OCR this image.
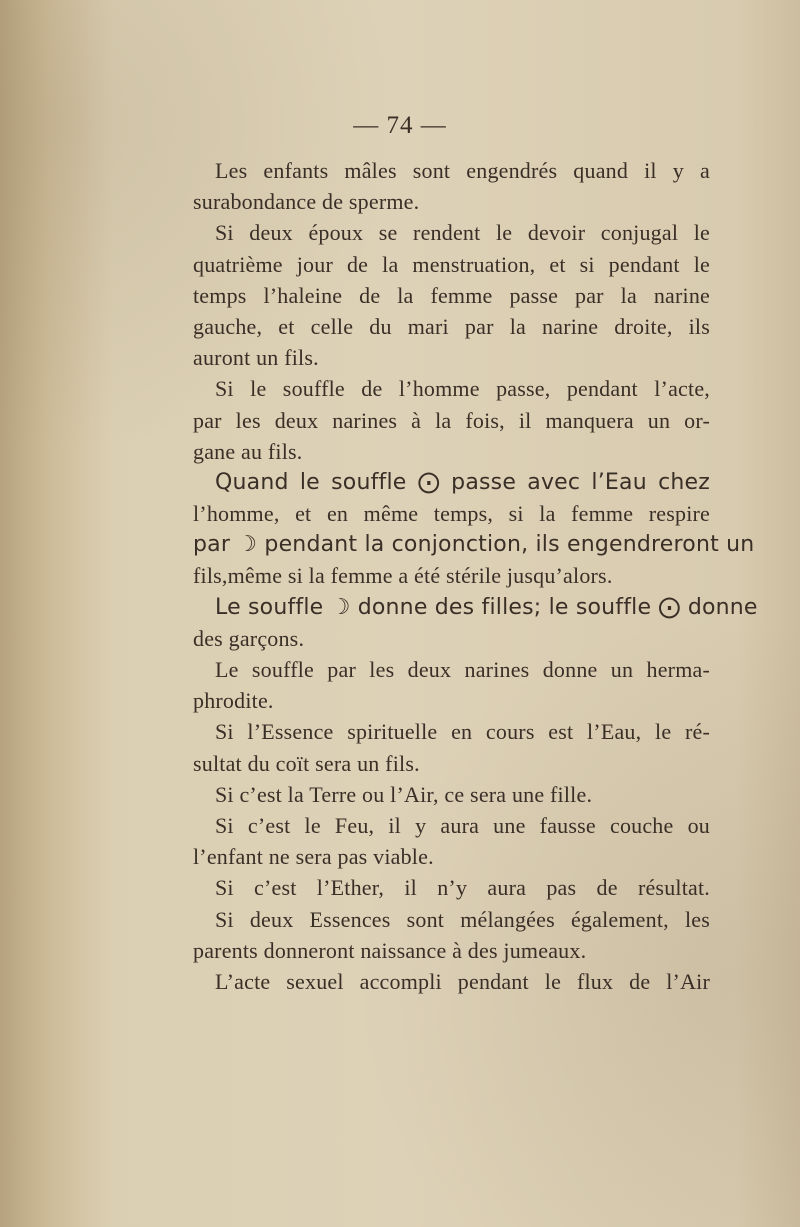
— 74 —
Les enfants mâles sont engendrés quand il y a
surabondance de sperme.
Si deux époux se rendent le devoir conjugal le
quatrième jour de la menstruation, et si pendant le
temps l’haleine de la femme passe par la narine
gauche, et celle du mari par la narine droite, ils
auront un fils.
Si le souffle de l’homme passe, pendant l’acte,
par les deux narines à la fois, il manquera un or-
gane au fils.
Quand le souffle ⨀ passe avec l’Eau chez
l’homme, et en même temps, si la femme respire
par ☽ pendant la conjonction, ils engendreront un
fils,même si la femme a été stérile jusqu’alors.
Le souffle ☽ donne des filles; le souffle ⨀ donne
des garçons.
Le souffle par les deux narines donne un herma-
phrodite.
Si l’Essence spirituelle en cours est l’Eau, le ré-
sultat du coït sera un fils.
Si c’est la Terre ou l’Air, ce sera une fille.
Si c’est le Feu, il y aura une fausse couche ou
l’enfant ne sera pas viable.
Si c’est l’Ether, il n’y aura pas de résultat.
Si deux Essences sont mélangées également, les
parents donneront naissance à des jumeaux.
L’acte sexuel accompli pendant le flux de l’Air
